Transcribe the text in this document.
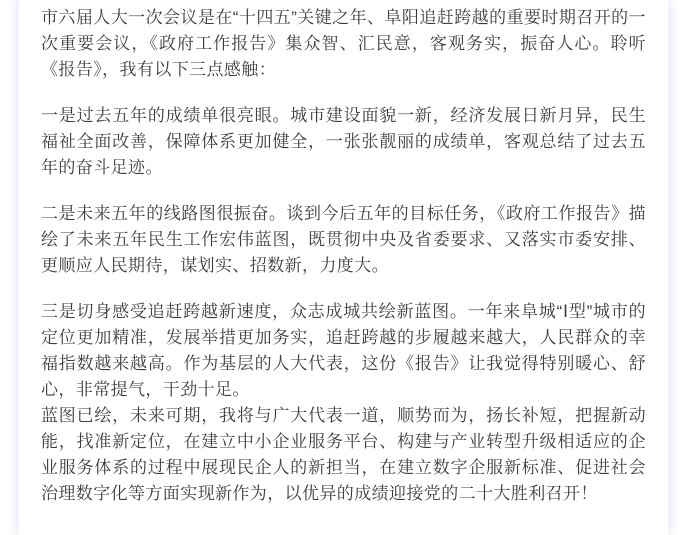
市六届人大一次会议是在“十四五”关键之年、阜阳追赶跨越的重要时期召开的一次重要会议，《政府工作报告》集众智、汇民意，客观务实，振奋人心。聆听《报告》，我有以下三点感触：

一是过去五年的成绩单很亮眼。城市建设面貌一新，经济发展日新月异，民生福祉全面改善，保障体系更加健全，一张张靓丽的成绩单，客观总结了过去五年的奋斗足迹。

二是未来五年的线路图很振奋。谈到今后五年的目标任务，《政府工作报告》描绘了未来五年民生工作宏伟蓝图，既贯彻中央及省委要求、又落实市委安排、更顺应人民期待，谋划实、招数新，力度大。

三是切身感受追赶跨越新速度，众志成城共绘新蓝图。一年来阜城“Ⅰ型”城市的定位更加精准，发展举措更加务实，追赶跨越的步履越来越大，人民群众的幸福指数越来越高。作为基层的人大代表，这份《报告》让我觉得特别暖心、舒心，非常提气，干劲十足。

蓝图已绘，未来可期，我将与广大代表一道，顺势而为，扬长补短，把握新动能，找准新定位，在建立中小企业服务平台、构建与产业转型升级相适应的企业服务体系的过程中展现民企人的新担当，在建立数字企服新标准、促进社会治理数字化等方面实现新作为，以优异的成绩迎接党的二十大胜利召开！
